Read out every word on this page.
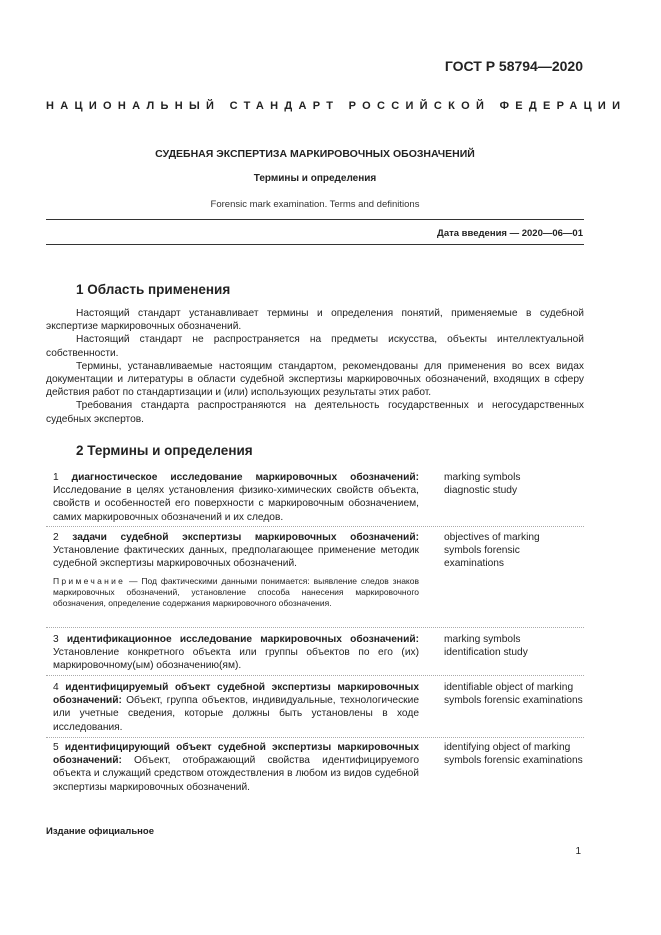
ГОСТ Р 58794—2020
НАЦИОНАЛЬНЫЙ СТАНДАРТ РОССИЙСКОЙ ФЕДЕРАЦИИ
СУДЕБНАЯ ЭКСПЕРТИЗА МАРКИРОВОЧНЫХ ОБОЗНАЧЕНИЙ
Термины и определения
Forensic mark examination. Terms and definitions
Дата введения — 2020—06—01
1 Область применения

Настоящий стандарт устанавливает термины и определения понятий, применяемые в судебной экспертизе маркировочных обозначений.

Настоящий стандарт не распространяется на предметы искусства, объекты интеллектуальной собственности.

Термины, устанавливаемые настоящим стандартом, рекомендованы для применения во всех видах документации и литературы в области судебной экспертизы маркировочных обозначений, входящих в сферу действия работ по стандартизации и (или) использующих результаты этих работ.

Требования стандарта распространяются на деятельность государственных и негосударственных судебных экспертов.

2 Термины и определения
1 диагностическое исследование маркировочных обозначений: Исследование в целях установления физико-химических свойств объекта, свойств и особенностей его поверхности с маркировочным обозначением, самих маркировочных обозначений и их следов.
marking symbols diagnostic study
2 задачи судебной экспертизы маркировочных обозначений: Установление фактических данных, предполагающее применение методик судебной экспертизы маркировочных обозначений.
objectives of marking symbols forensic examinations
Примечание — Под фактическими данными понимается: выявление следов знаков маркировочных обозначений, установление способа нанесения маркировочного обозначения, определение содержания маркировочного обозначения.
3 идентификационное исследование маркировочных обозначений: Установление конкретного объекта или группы объектов по его (их) маркировочному(ым) обозначению(ям).
marking symbols identification study
4 идентифицируемый объект судебной экспертизы маркировочных обозначений: Объект, группа объектов, индивидуальные, технологические или учетные сведения, которые должны быть установлены в ходе исследования.
identifiable object of marking symbols forensic examinations
5 идентифицирующий объект судебной экспертизы маркировочных обозначений: Объект, отображающий свойства идентифицируемого объекта и служащий средством отождествления в любом из видов судебной экспертизы маркировочных обозначений.
identifying object of marking symbols forensic examinations
Издание официальное
1
